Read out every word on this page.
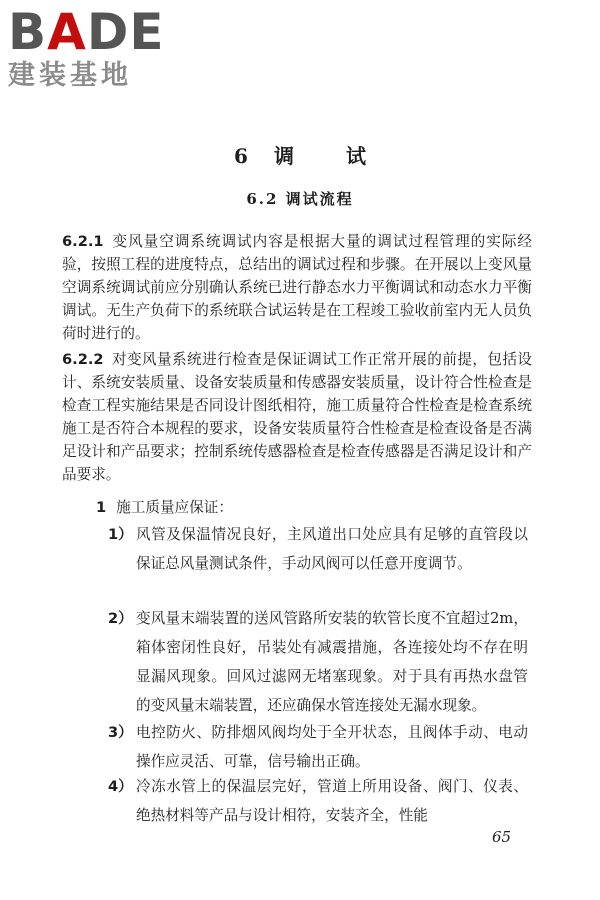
BADE
建装基地
6 调	试
6.2 调试流程
6.2.1 变风量空调系统调试内容是根据大量的调试过程管理的实际经验，按照工程的进度特点，总结出的调试过程和步骤。在开展以上变风量空调系统调试前应分别确认系统已进行静态水力平衡调试和动态水力平衡调试。无生产负荷下的系统联合试运转是在工程竣工验收前室内无人员负荷时进行的。
6.2.2 对变风量系统进行检查是保证调试工作正常开展的前提，包括设计、系统安装质量、设备安装质量和传感器安装质量，设计符合性检查是检查工程实施结果是否同设计图纸相符，施工质量符合性检查是检查系统施工是否符合本规程的要求，设备安装质量符合性检查是检查设备是否满足设计和产品要求；控制系统传感器检查是检查传感器是否满足设计和产品要求。
1 施工质量应保证：
1） 风管及保温情况良好，主风道出口处应具有足够的直管段以保证总风量测试条件，手动风阀可以任意开度调节。
2） 变风量末端装置的送风管路所安装的软管长度不宜超过2m，箱体密闭性良好，吊装处有减震措施，各连接处均不存在明显漏风现象。回风过滤网无堵塞现象。对于具有再热水盘管的变风量末端装置，还应确保水管连接处无漏水现象。
3） 电控防火、防排烟风阀均处于全开状态，且阀体手动、电动操作应灵活、可靠，信号输出正确。
4） 冷冻水管上的保温层完好，管道上所用设备、阀门、仪表、绝热材料等产品与设计相符，安装齐全，性能
65
